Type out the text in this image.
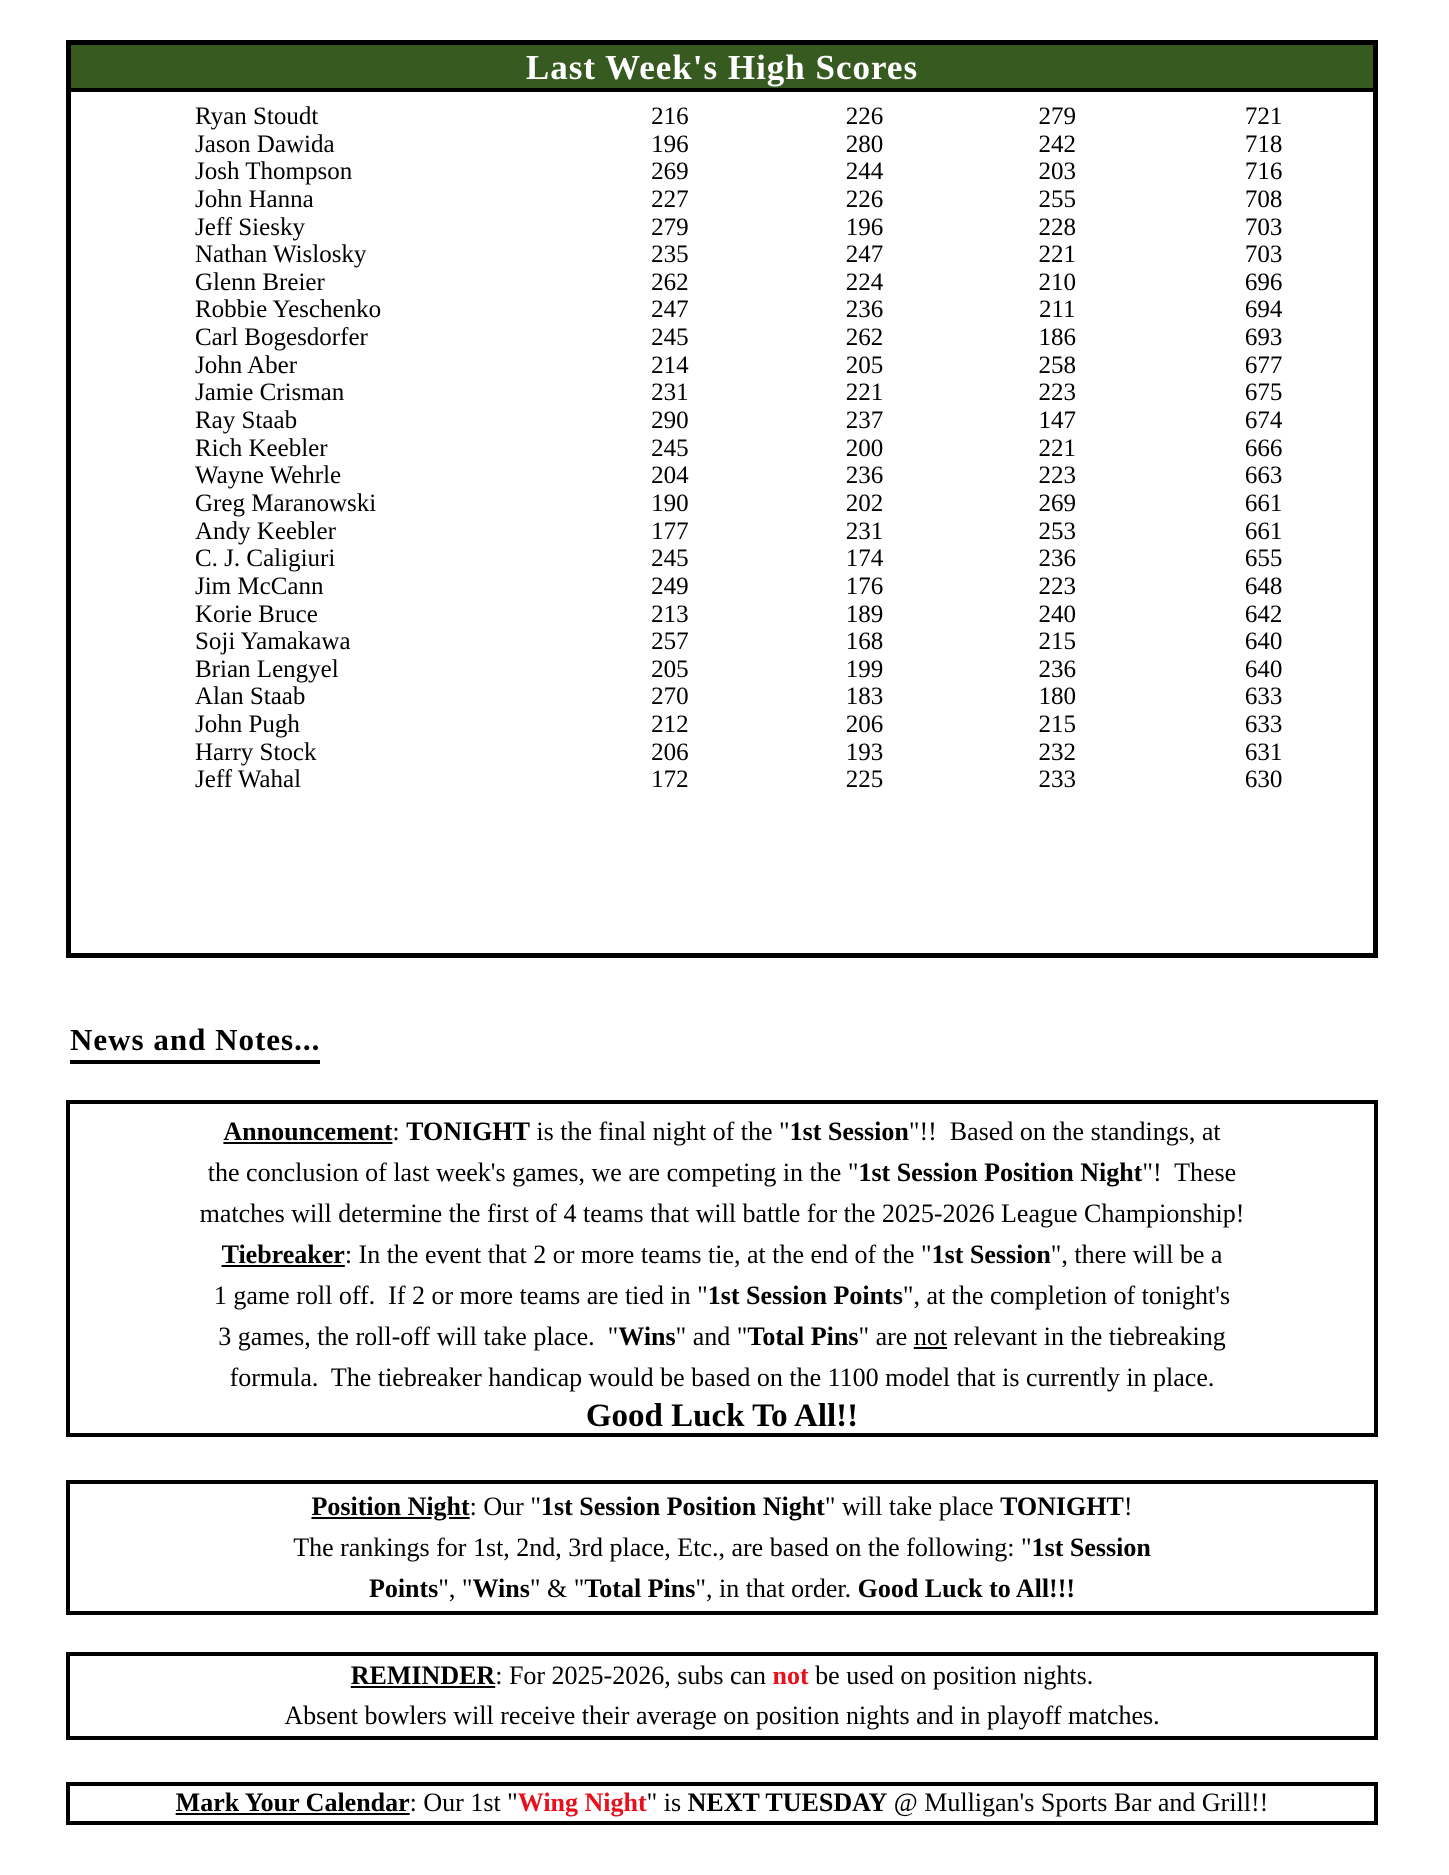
Last Week's High Scores
Ryan Stoudt	216	226	279	721
Jason Dawida	196	280	242	718
Josh Thompson	269	244	203	716
John Hanna	227	226	255	708
Jeff Siesky	279	196	228	703
Nathan Wislosky	235	247	221	703
Glenn Breier	262	224	210	696
Robbie Yeschenko	247	236	211	694
Carl Bogesdorfer	245	262	186	693
John Aber	214	205	258	677
Jamie Crisman	231	221	223	675
Ray Staab	290	237	147	674
Rich Keebler	245	200	221	666
Wayne Wehrle	204	236	223	663
Greg Maranowski	190	202	269	661
Andy Keebler	177	231	253	661
C. J. Caligiuri	245	174	236	655
Jim McCann	249	176	223	648
Korie Bruce	213	189	240	642
Soji Yamakawa	257	168	215	640
Brian Lengyel	205	199	236	640
Alan Staab	270	183	180	633
John Pugh	212	206	215	633
Harry Stock	206	193	232	631
Jeff Wahal	172	225	233	630
News and Notes...
Announcement: TONIGHT is the final night of the "1st Session"!!  Based on the standings, at
the conclusion of last week's games, we are competing in the "1st Session Position Night"!  These
matches will determine the first of 4 teams that will battle for the 2025-2026 League Championship!
Tiebreaker: In the event that 2 or more teams tie, at the end of the "1st Session", there will be a
1 game roll off.  If 2 or more teams are tied in "1st Session Points", at the completion of tonight's
3 games, the roll-off will take place.  "Wins" and "Total Pins" are not relevant in the tiebreaking
formula.  The tiebreaker handicap would be based on the 1100 model that is currently in place.
Good Luck To All!!
Position Night: Our "1st Session Position Night" will take place TONIGHT!
The rankings for 1st, 2nd, 3rd place, Etc., are based on the following: "1st Session
Points", "Wins" & "Total Pins", in that order. Good Luck to All!!!
REMINDER: For 2025-2026, subs can not be used on position nights.
Absent bowlers will receive their average on position nights and in playoff matches.
Mark Your Calendar: Our 1st "Wing Night" is NEXT TUESDAY @ Mulligan's Sports Bar and Grill!!
